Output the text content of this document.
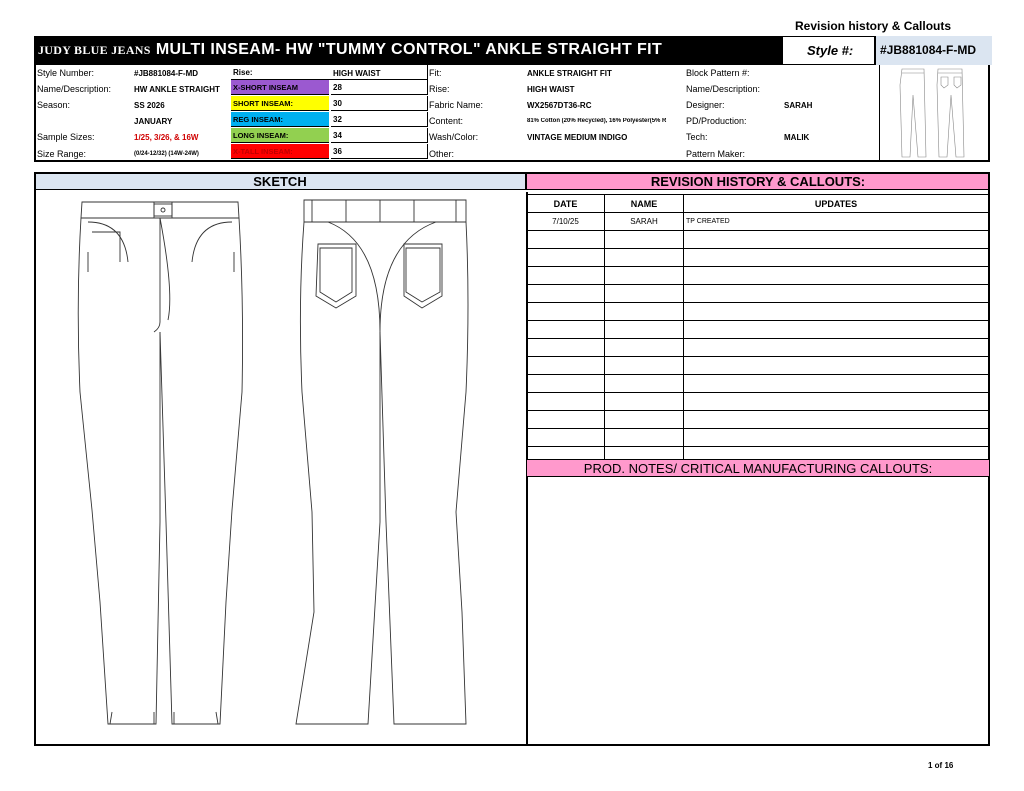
Revision history & Callouts
JUDY BLUE JEANS MULTI INSEAM- HW "TUMMY CONTROL" ANKLE STRAIGHT FIT	Style #: #JB881084-F-MD
Style Number:	#JB881084-F-MD
Name/Description:	HW ANKLE STRAIGHT
Season:	SS 2026
JANUARY
Sample Sizes:	1/25, 3/26, & 16W
Size Range:	(0/24-12/32) (14W-24W)
Rise:	HIGH WAIST
X-SHORT INSEAM	28
SHORT INSEAM:	30
REG INSEAM:	32
LONG INSEAM:	34
X-TALL INSEAM:	36
Fit:	ANKLE STRAIGHT FIT
Rise:	HIGH WAIST
Fabric Name:	WX2567DT36-RC
Content:	81% Cotton (20% Recycled), 16% Polyester(5% R
Wash/Color:	VINTAGE MEDIUM INDIGO
Other:
Block Pattern #:
Name/Description:
Designer:	SARAH
PD/Production:
Tech:	MALIK
Pattern Maker:
SKETCH	REVISION HISTORY & CALLOUTS:
DATE	NAME	UPDATES
7/10/25	SARAH	TP CREATED

PROD. NOTES/ CRITICAL MANUFACTURING CALLOUTS:
1 of 16
